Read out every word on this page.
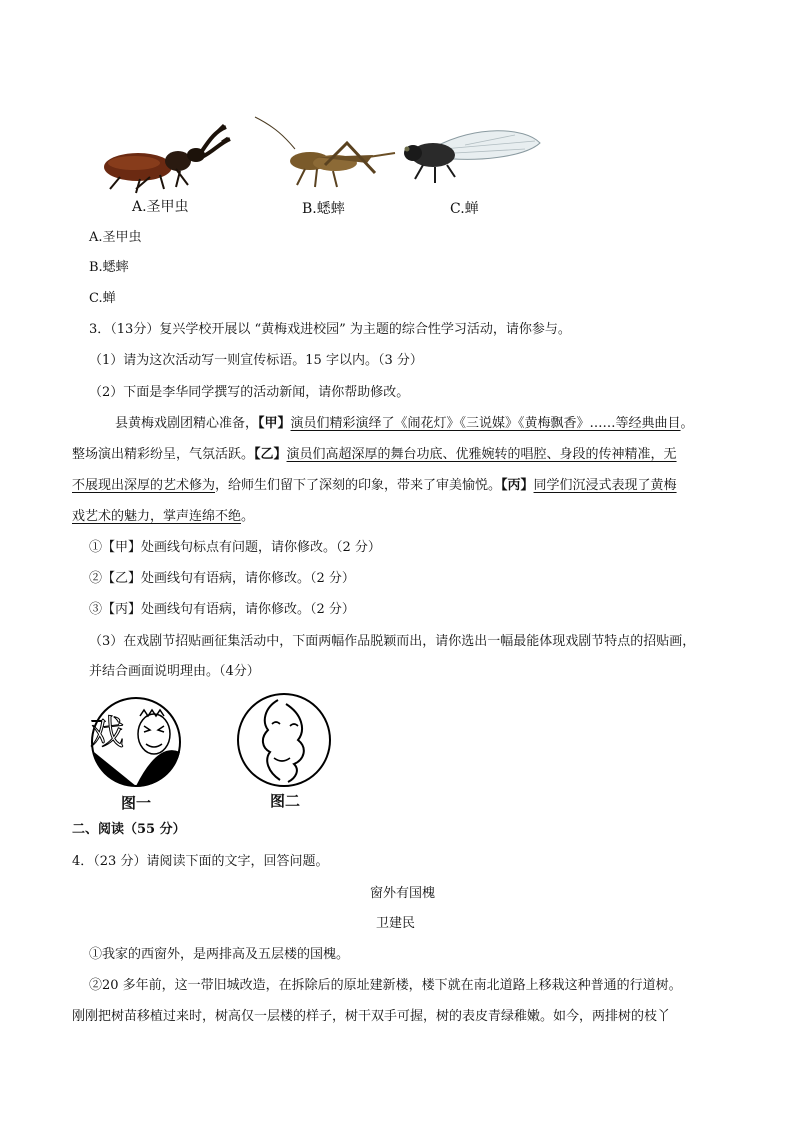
A.圣甲虫	B.蟋蟀	C.蝉
A.圣甲虫
B.蟋蟀
C.蝉
3．（13分）复兴学校开展以 “黄梅戏进校园” 为主题的综合性学习活动，请你参与。
（1）请为这次活动写一则宣传标语。15 字以内。（3 分）
（2）下面是李华同学撰写的活动新闻，请你帮助修改。
县黄梅戏剧团精心准备，【甲】演员们精彩演绎了《闹花灯》《三说媒》《黄梅飘香》……等经典曲目。
整场演出精彩纷呈，气氛活跃。【乙】演员们高超深厚的舞台功底、优雅婉转的唱腔、身段的传神精准，无
不展现出深厚的艺术修为，给师生们留下了深刻的印象，带来了审美愉悦。【丙】同学们沉浸式表现了黄梅
戏艺术的魅力，掌声连绵不绝。
①【甲】处画线句标点有问题，请你修改。（2 分）
②【乙】处画线句有语病，请你修改。（2 分）
③【丙】处画线句有语病，请你修改。（2 分）
（3）在戏剧节招贴画征集活动中，下面两幅作品脱颖而出，请你选出一幅最能体现戏剧节特点的招贴画，
并结合画面说明理由。（4分）
戏
图一	图二
二、阅读（55 分）
4．（23 分）请阅读下面的文字，回答问题。
窗外有国槐
卫建民
①我家的西窗外，是两排高及五层楼的国槐。
②20 多年前，这一带旧城改造，在拆除后的原址建新楼，楼下就在南北道路上移栽这种普通的行道树。
刚刚把树苗移植过来时，树高仅一层楼的样子，树干双手可握，树的表皮青绿稚嫩。如今，两排树的枝丫
